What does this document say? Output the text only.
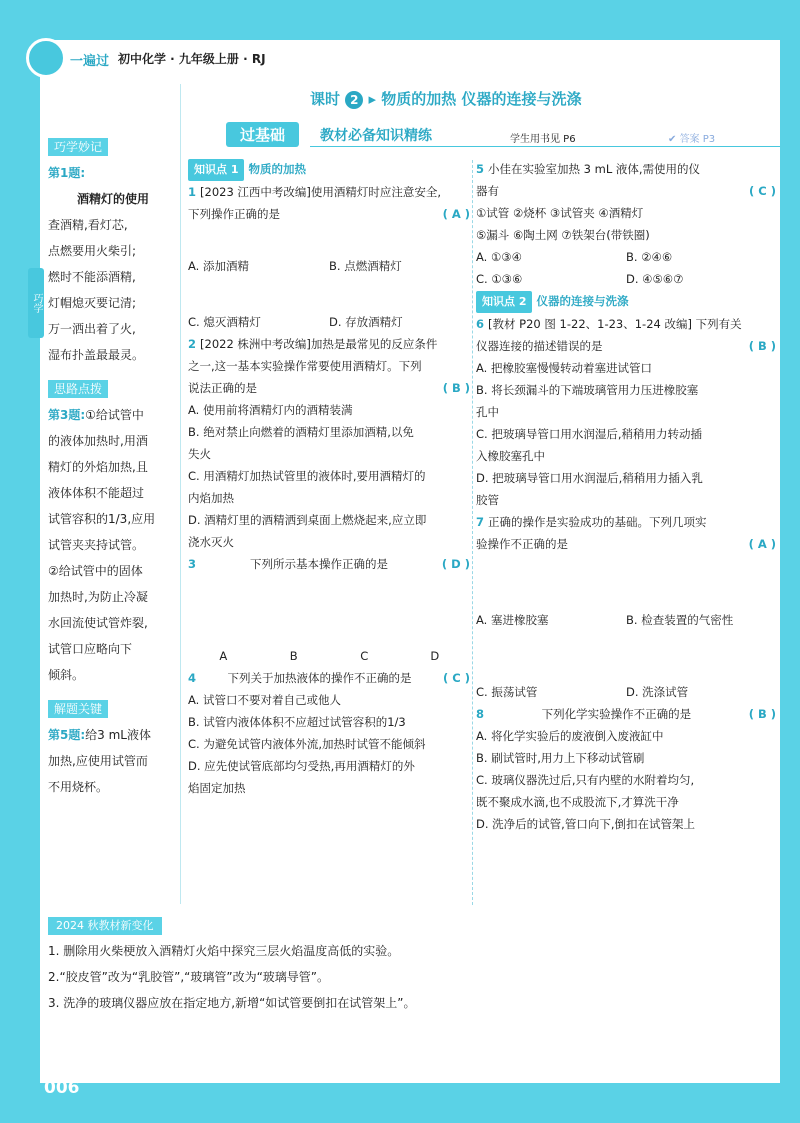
一遍过 初中化学 · 九年级上册 · RJ
巧学
课时 2 ▸ 物质的加热 仪器的连接与洗涤
过基础	教材必备知识精练	学生用书见 P6	✔ 答案 P3
巧学妙记
第1题:
酒精灯的使用
查酒精,看灯芯,
点燃要用火柴引;
燃时不能添酒精,
灯帽熄灭要记清;
万一洒出着了火,
湿布扑盖最最灵。
思路点拨
第3题:①给试管中
的液体加热时,用酒
精灯的外焰加热,且
液体体积不能超过
试管容积的1/3,应用
试管夹夹持试管。
②给试管中的固体
加热时,为防止冷凝
水回流使试管炸裂,
试管口应略向下
倾斜。
解题关键
第5题:给3 mL液体
加热,应使用试管而
不用烧杯。
知识点 1 物质的加热
1 [2023 江西中考改编]使用酒精灯时应注意安全,
下列操作正确的是	( A )
A. 添加酒精	B. 点燃酒精灯
C. 熄灭酒精灯	D. 存放酒精灯
2 [2022 株洲中考改编]加热是最常见的反应条件
之一,这一基本实验操作常要使用酒精灯。下列
说法正确的是	( B )
A. 使用前将酒精灯内的酒精装满
B. 绝对禁止向燃着的酒精灯里添加酒精,以免
失火
C. 用酒精灯加热试管里的液体时,要用酒精灯的
内焰加热
D. 酒精灯里的酒精洒到桌面上燃烧起来,应立即
浇水灭火
3	下列所示基本操作正确的是	( D )
A	B	C	D
4	下列关于加热液体的操作不正确的是	( C )
A. 试管口不要对着自己或他人
B. 试管内液体体积不应超过试管容积的1/3
C. 为避免试管内液体外流,加热时试管不能倾斜
D. 应先使试管底部均匀受热,再用酒精灯的外
焰固定加热
5 小佳在实验室加热 3 mL 液体,需使用的仪
器有	( C )
①试管 ②烧杯 ③试管夹 ④酒精灯
⑤漏斗 ⑥陶土网 ⑦铁架台(带铁圈)
A. ①③④	B. ②④⑥
C. ①③⑥	D. ④⑤⑥⑦
知识点 2 仪器的连接与洗涤
6 [教材 P20 图 1-22、1-23、1-24 改编] 下列有关
仪器连接的描述错误的是	( B )
A. 把橡胶塞慢慢转动着塞进试管口
B. 将长颈漏斗的下端玻璃管用力压进橡胶塞
孔中
C. 把玻璃导管口用水润湿后,稍稍用力转动插
入橡胶塞孔中
D. 把玻璃导管口用水润湿后,稍稍用力插入乳
胶管
7 正确的操作是实验成功的基础。下列几项实
验操作不正确的是	( A )
A. 塞进橡胶塞	B. 检查装置的气密性
C. 振荡试管	D. 洗涤试管
8	下列化学实验操作不正确的是	( B )
A. 将化学实验后的废液倒入废液缸中
B. 刷试管时,用力上下移动试管刷
C. 玻璃仪器洗过后,只有内壁的水附着均匀,
既不聚成水滴,也不成股流下,才算洗干净
D. 洗净后的试管,管口向下,倒扣在试管架上
2024 秋教材新变化
1. 删除用火柴梗放入酒精灯火焰中探究三层火焰温度高低的实验。
2.“胶皮管”改为“乳胶管”,“玻璃管”改为“玻璃导管”。
3. 洗净的玻璃仪器应放在指定地方,新增“如试管要倒扣在试管架上”。
006
